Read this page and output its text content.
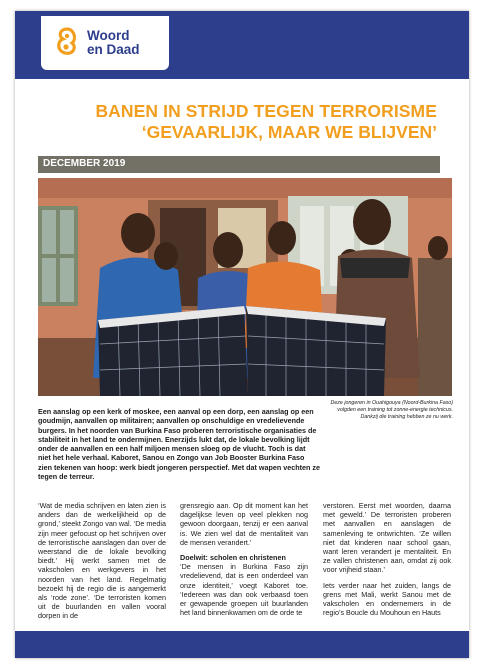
Woord
en Daad
BANEN IN STRIJD TEGEN TERRORISME
‘GEVAARLIJK, MAAR WE BLIJVEN’
DECEMBER 2019
Een aanslag op een kerk of moskee, een aanval op een dorp, een aanslag op een goudmijn, aanvallen op militairen; aanvallen op onschuldige en vredelievende burgers. In het noorden van Burkina Faso proberen terroristische organisaties de stabiliteit in het land te ondermijnen. Enerzijds lukt dat, de lokale bevolking lijdt onder de aanvallen en een half miljoen mensen sloeg op de vlucht. Toch is dat niet het hele verhaal. Kaboret, Sanou en Zongo van Job Booster Burkina Faso zien tekenen van hoop: werk biedt jongeren perspectief. Met dat wapen vechten ze tegen de terreur.
Deze jongeren in Ouahigouya (Noord-Burkina Faso)
volgden een training tot zonne-energie technicus.
Dankzij die training hebben ze nu werk.

‘Wat de media schrijven en laten zien is anders dan de werkelijkheid op de grond,’ steekt Zongo van wal. ‘De media zijn meer gefocust op het schrijven over de terroristische aanslagen dan over de weerstand die de lokale bevolking biedt.’ Hij werkt samen met de vakscholen en werkgevers in het noorden van het land. Regelmatig bezoekt hij de regio die is aangemerkt als ‘rode zone’. ‘De terroristen komen uit de buurlanden en vallen vooral dorpen in de

grensregio aan. Op dit moment kan het dagelijkse leven op veel plekken nog gewoon doorgaan, tenzij er een aanval is. We zien wel dat de mentaliteit van de mensen verandert.’

Doelwit: scholen en christenen

‘De mensen in Burkina Faso zijn vredelievend, dat is een onderdeel van onze identiteit,’ voegt Kaboret toe. ‘Iedereen was dan ook verbaasd toen er gewapende groepen uit buurlanden het land binnenkwamen om de orde te

verstoren. Eerst met woorden, daarna met geweld.’ De terroristen proberen met aanvallen en aanslagen de samenleving te ontwrichten. ‘Ze willen niet dat kinderen naar school gaan, want leren verandert je mentaliteit. En ze vallen christenen aan, omdat zij ook voor vrijheid staan.’

Iets verder naar het zuiden, langs de grens met Mali, werkt Sanou met de vakscholen en ondernemers in de regio’s Boucle du Mouhoun en Hauts
